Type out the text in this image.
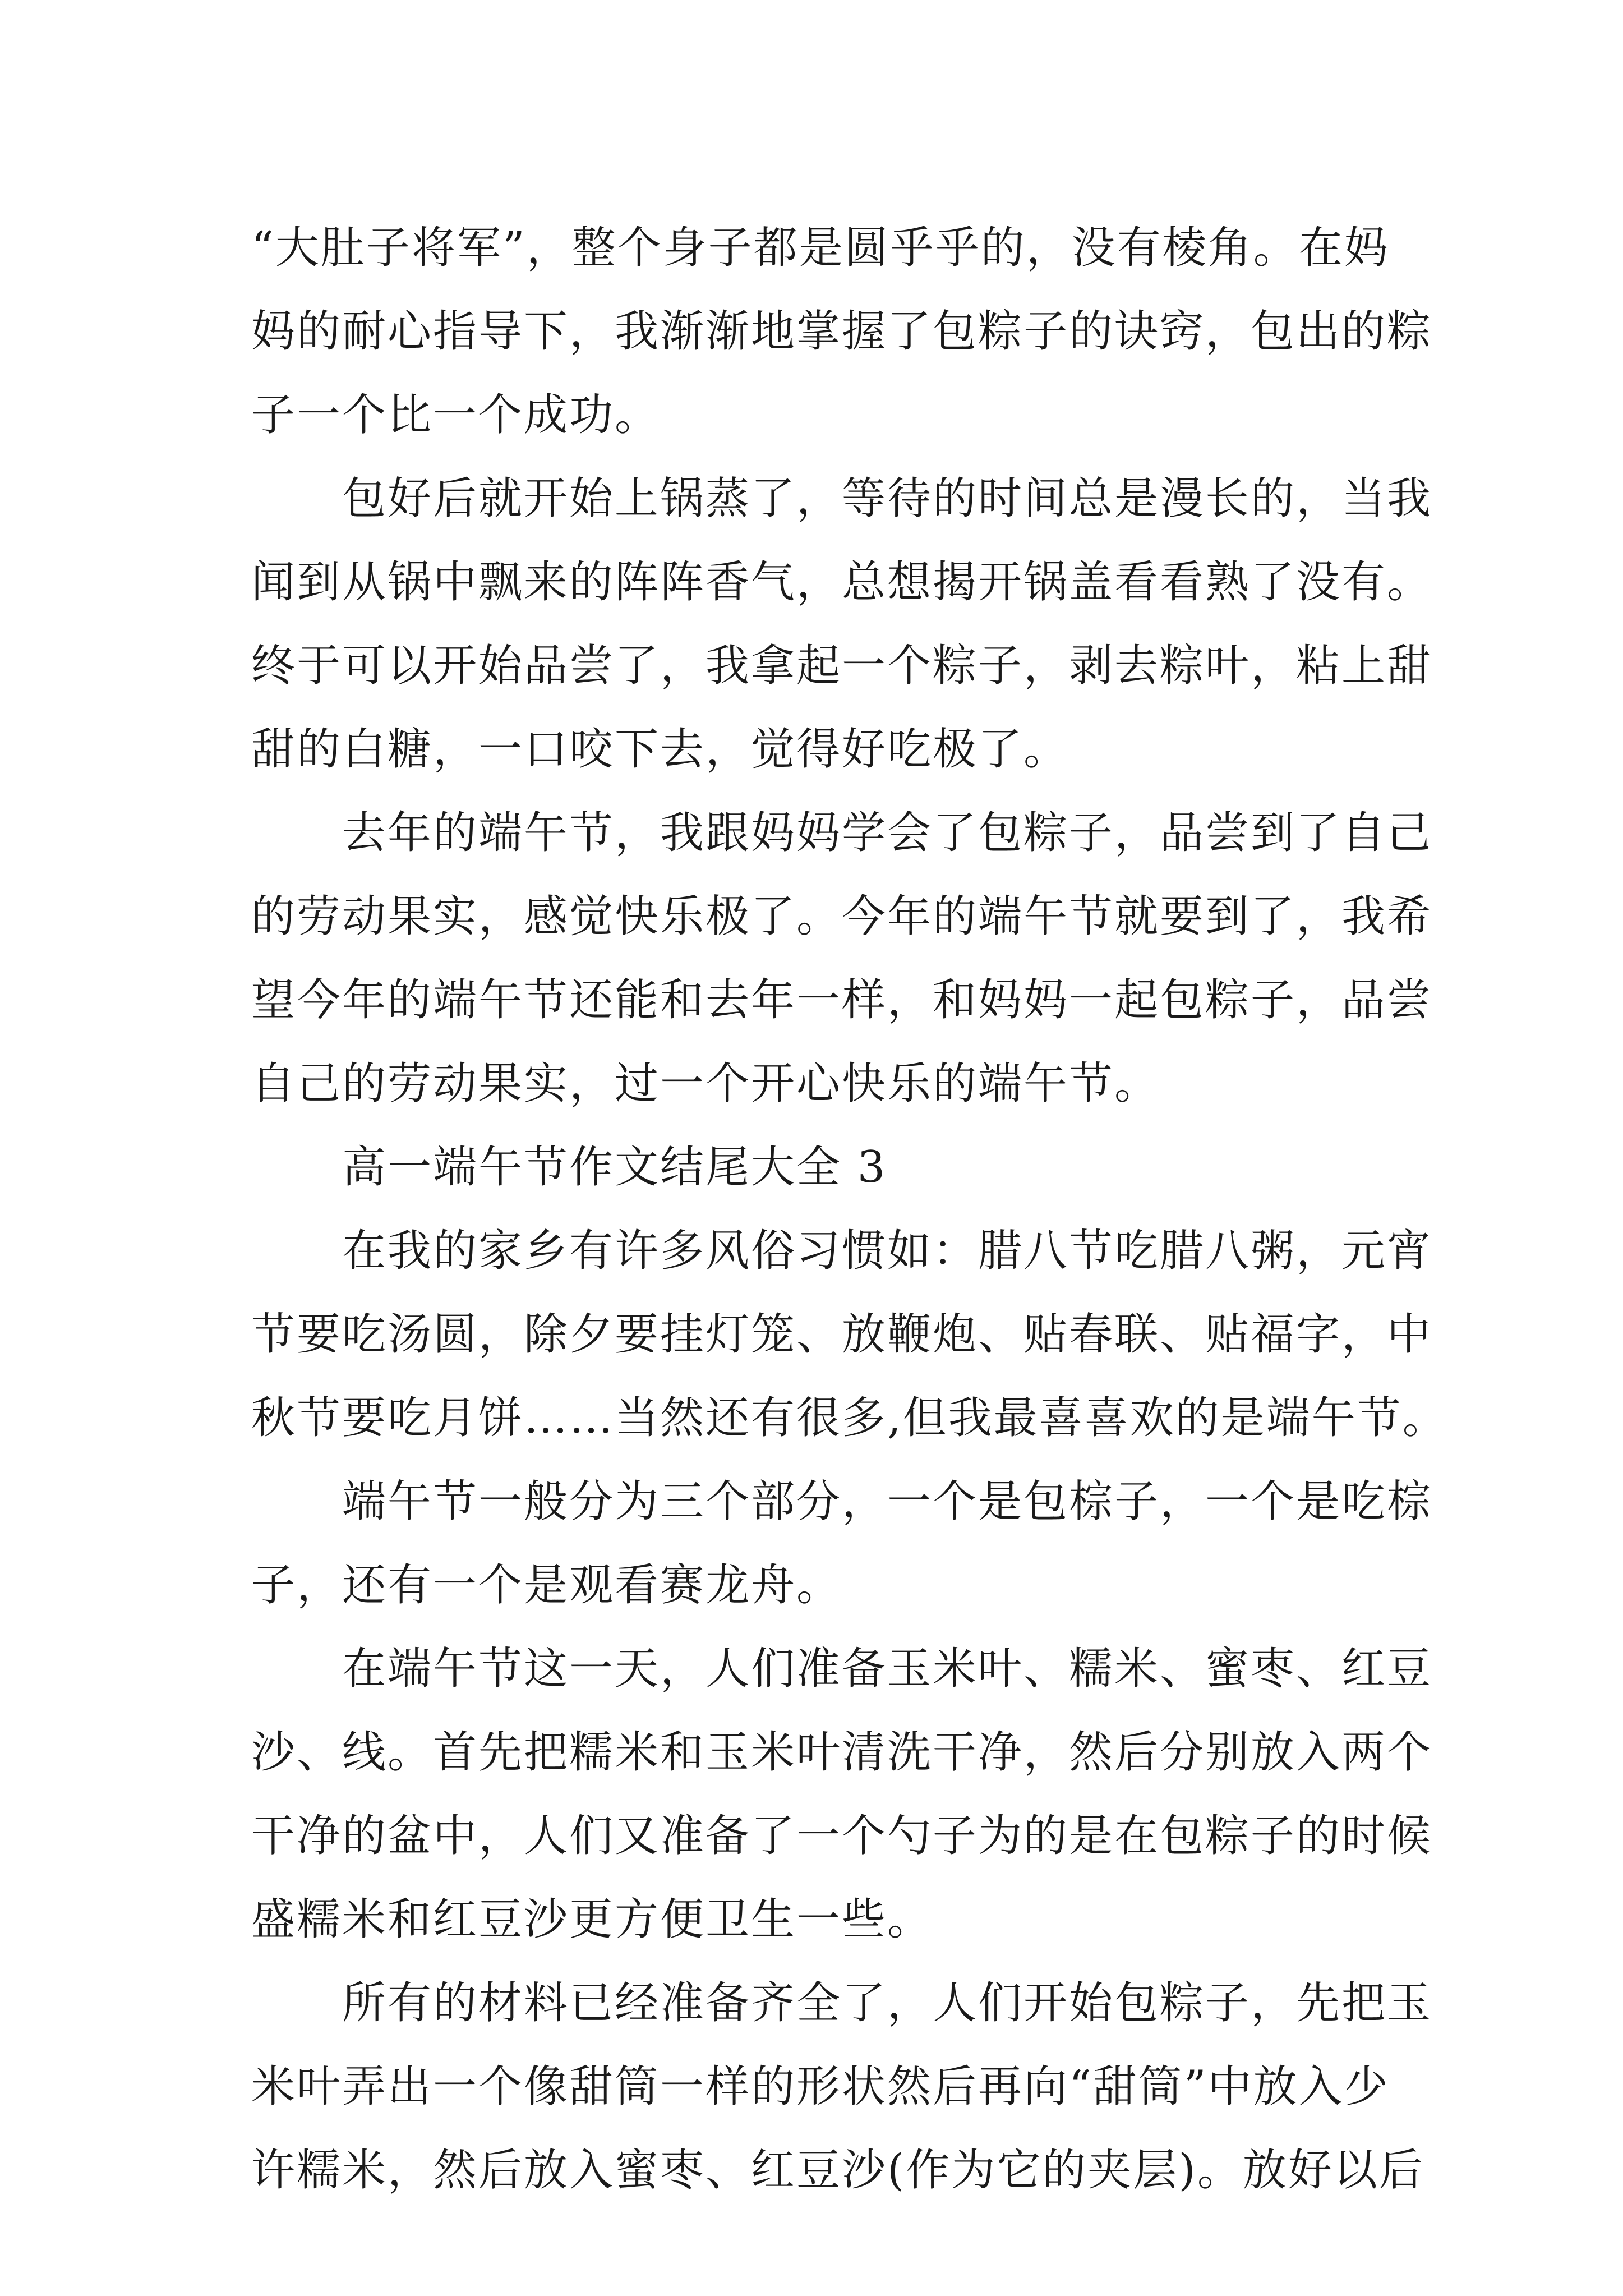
“大肚子将军”，整个身子都是圆乎乎的，没有棱角。在妈
妈的耐心指导下，我渐渐地掌握了包粽子的诀窍，包出的粽
子一个比一个成功。
包好后就开始上锅蒸了，等待的时间总是漫长的，当我
闻到从锅中飘来的阵阵香气，总想揭开锅盖看看熟了没有。
终于可以开始品尝了，我拿起一个粽子，剥去粽叶，粘上甜
甜的白糖，一口咬下去，觉得好吃极了。
去年的端午节，我跟妈妈学会了包粽子，品尝到了自己
的劳动果实，感觉快乐极了。今年的端午节就要到了，我希
望今年的端午节还能和去年一样，和妈妈一起包粽子，品尝
自己的劳动果实，过一个开心快乐的端午节。
高一端午节作文结尾大全 3
在我的家乡有许多风俗习惯如：腊八节吃腊八粥，元宵
节要吃汤圆，除夕要挂灯笼、放鞭炮、贴春联、贴福字，中
秋节要吃月饼……当然还有很多,但我最喜喜欢的是端午节。
端午节一般分为三个部分，一个是包棕子，一个是吃棕
子，还有一个是观看赛龙舟。
在端午节这一天，人们准备玉米叶、糯米、蜜枣、红豆
沙、线。首先把糯米和玉米叶清洗干净，然后分别放入两个
干净的盆中，人们又准备了一个勺子为的是在包粽子的时候
盛糯米和红豆沙更方便卫生一些。
所有的材料已经准备齐全了，人们开始包粽子，先把玉
米叶弄出一个像甜筒一样的形状然后再向“甜筒”中放入少
许糯米，然后放入蜜枣、红豆沙(作为它的夹层)。放好以后
